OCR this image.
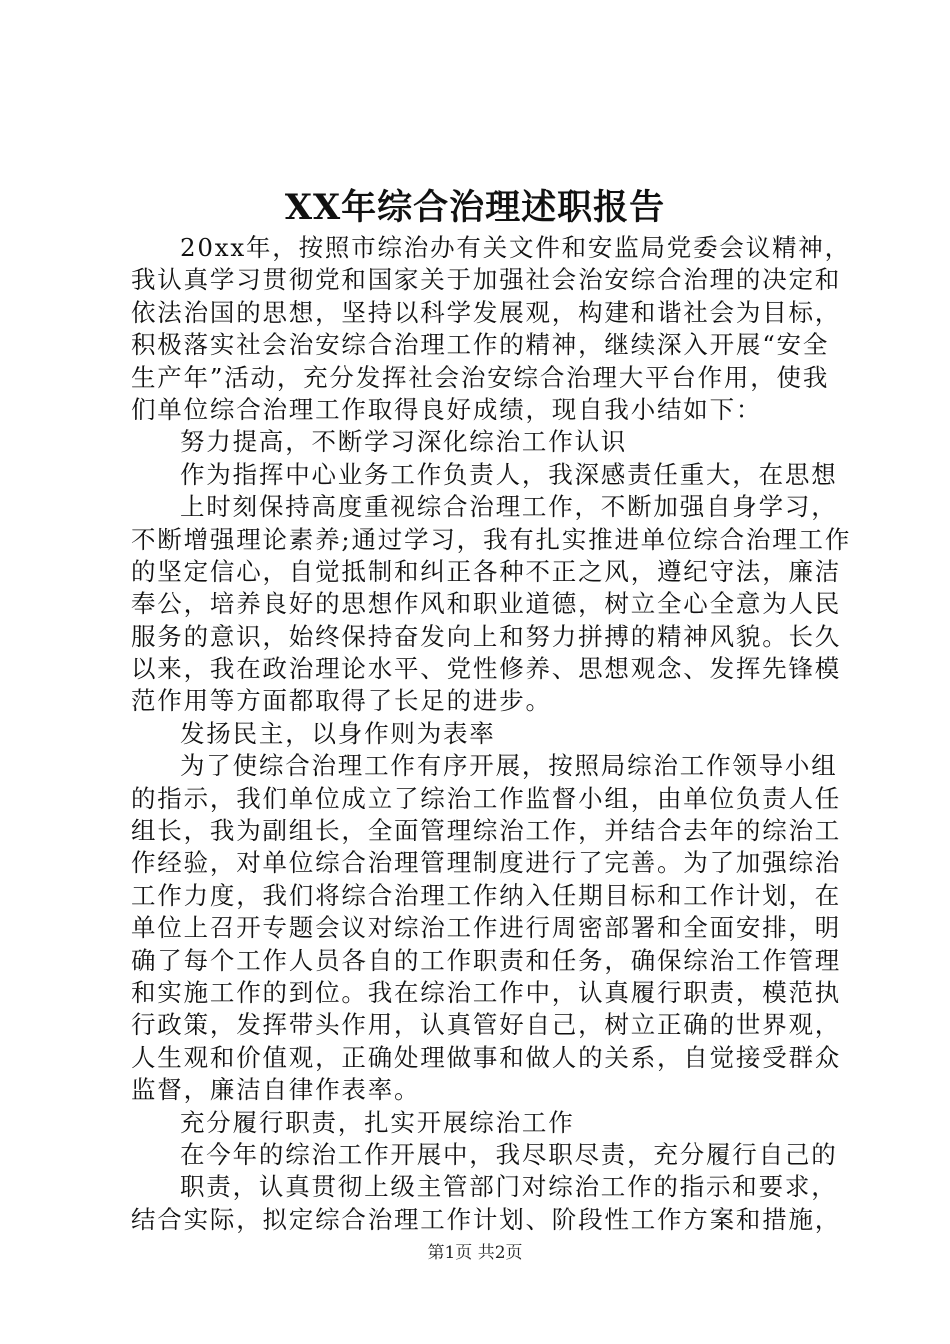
XX年综合治理述职报告
20xx年，按照市综治办有关文件和安监局党委会议精神，
我认真学习贯彻党和国家关于加强社会治安综合治理的决定和
依法治国的思想，坚持以科学发展观，构建和谐社会为目标，
积极落实社会治安综合治理工作的精神，继续深入开展“安全
生产年”活动，充分发挥社会治安综合治理大平台作用，使我
们单位综合治理工作取得良好成绩，现自我小结如下：
努力提高，不断学习深化综治工作认识
作为指挥中心业务工作负责人，我深感责任重大，在思想
上时刻保持高度重视综合治理工作，不断加强自身学习，
不断增强理论素养;通过学习，我有扎实推进单位综合治理工作
的坚定信心，自觉抵制和纠正各种不正之风，遵纪守法，廉洁
奉公，培养良好的思想作风和职业道德，树立全心全意为人民
服务的意识，始终保持奋发向上和努力拼搏的精神风貌。长久
以来，我在政治理论水平、党性修养、思想观念、发挥先锋模
范作用等方面都取得了长足的进步。
发扬民主，以身作则为表率
为了使综合治理工作有序开展，按照局综治工作领导小组
的指示，我们单位成立了综治工作监督小组，由单位负责人任
组长，我为副组长，全面管理综治工作，并结合去年的综治工
作经验，对单位综合治理管理制度进行了完善。为了加强综治
工作力度，我们将综合治理工作纳入任期目标和工作计划，在
单位上召开专题会议对综治工作进行周密部署和全面安排，明
确了每个工作人员各自的工作职责和任务，确保综治工作管理
和实施工作的到位。我在综治工作中，认真履行职责，模范执
行政策，发挥带头作用，认真管好自己，树立正确的世界观，
人生观和价值观，正确处理做事和做人的关系，自觉接受群众
监督，廉洁自律作表率。
充分履行职责，扎实开展综治工作
在今年的综治工作开展中，我尽职尽责，充分履行自己的
职责，认真贯彻上级主管部门对综治工作的指示和要求，
结合实际，拟定综合治理工作计划、阶段性工作方案和措施，
第1页 共2页
